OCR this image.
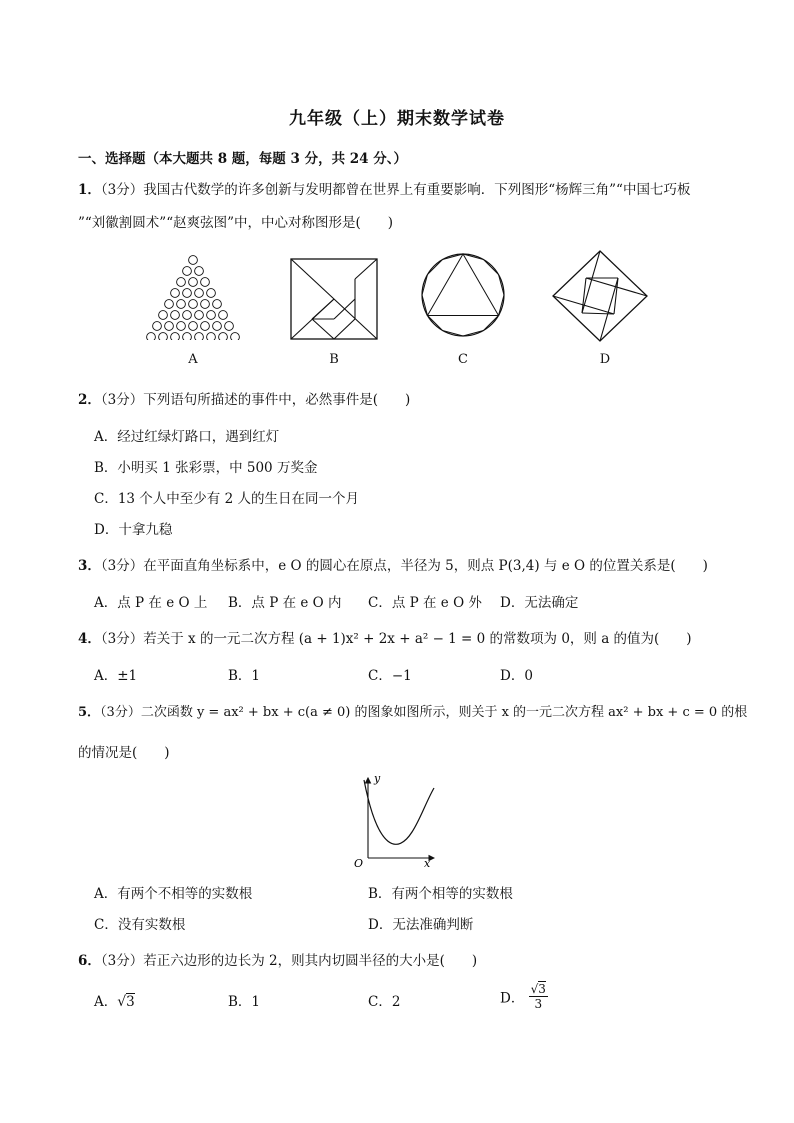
九年级（上）期末数学试卷
一、选择题（本大题共 8 题，每题 3 分，共 24 分、）
1．（3分）我国古代数学的许多创新与发明都曾在世界上有重要影响．下列图形“杨辉三角”“中国七巧板
”“刘徽割圆术”“赵爽弦图”中，中心对称图形是(　　)
A	B	C	D
2．（3分）下列语句所描述的事件中，必然事件是(　　)
A．经过红绿灯路口，遇到红灯
B．小明买 1 张彩票，中 500 万奖金
C．13 个人中至少有 2 人的生日在同一个月
D．十拿九稳
3．（3分）在平面直角坐标系中，e O 的圆心在原点，半径为 5，则点 P(3,4) 与 e O 的位置关系是(　　)
A．点 P 在 e O 上 B．点 P 在 e O 内 C．点 P 在 e O 外 D．无法确定
4．（3分）若关于 x 的一元二次方程 (a + 1)x² + 2x + a² − 1 = 0 的常数项为 0，则 a 的值为(　　)
A．±1	B．1	C．−1	D．0
5．（3分）二次函数 y = ax² + bx + c(a ≠ 0) 的图象如图所示，则关于 x 的一元二次方程 ax² + bx + c = 0 的根
的情况是(　　)
y
x
O
A．有两个不相等的实数根	B．有两个相等的实数根
C．没有实数根	D．无法准确判断
6．（3分）若正六边形的边长为 2，则其内切圆半径的大小是(　　)
A．√3	B．1	C．2	D． $\frac{√3}{3}$
